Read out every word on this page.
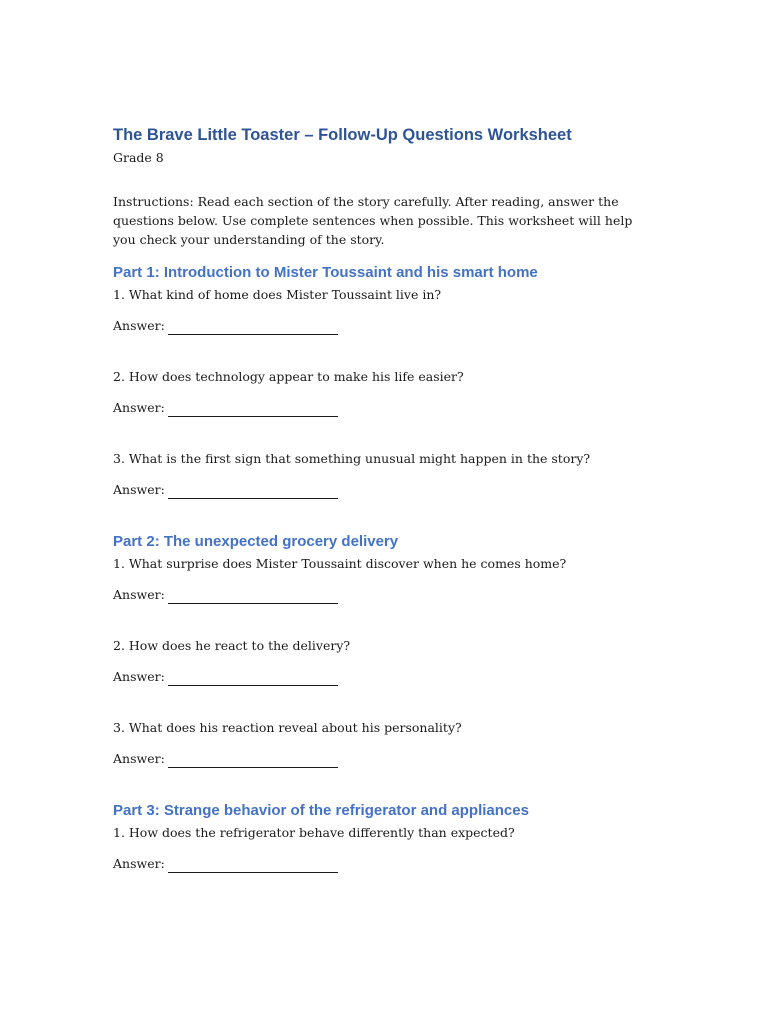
The Brave Little Toaster – Follow-Up Questions Worksheet

Grade 8

Instructions: Read each section of the story carefully. After reading, answer the questions below. Use complete sentences when possible. This worksheet will help you check your understanding of the story.

Part 1: Introduction to Mister Toussaint and his smart home

1. What kind of home does Mister Toussaint live in?

Answer:

2. How does technology appear to make his life easier?

Answer:

3. What is the first sign that something unusual might happen in the story?

Answer:
Part 2: The unexpected grocery delivery

1. What surprise does Mister Toussaint discover when he comes home?

Answer:

2. How does he react to the delivery?

Answer:

3. What does his reaction reveal about his personality?

Answer:
Part 3: Strange behavior of the refrigerator and appliances

1. How does the refrigerator behave differently than expected?

Answer:
